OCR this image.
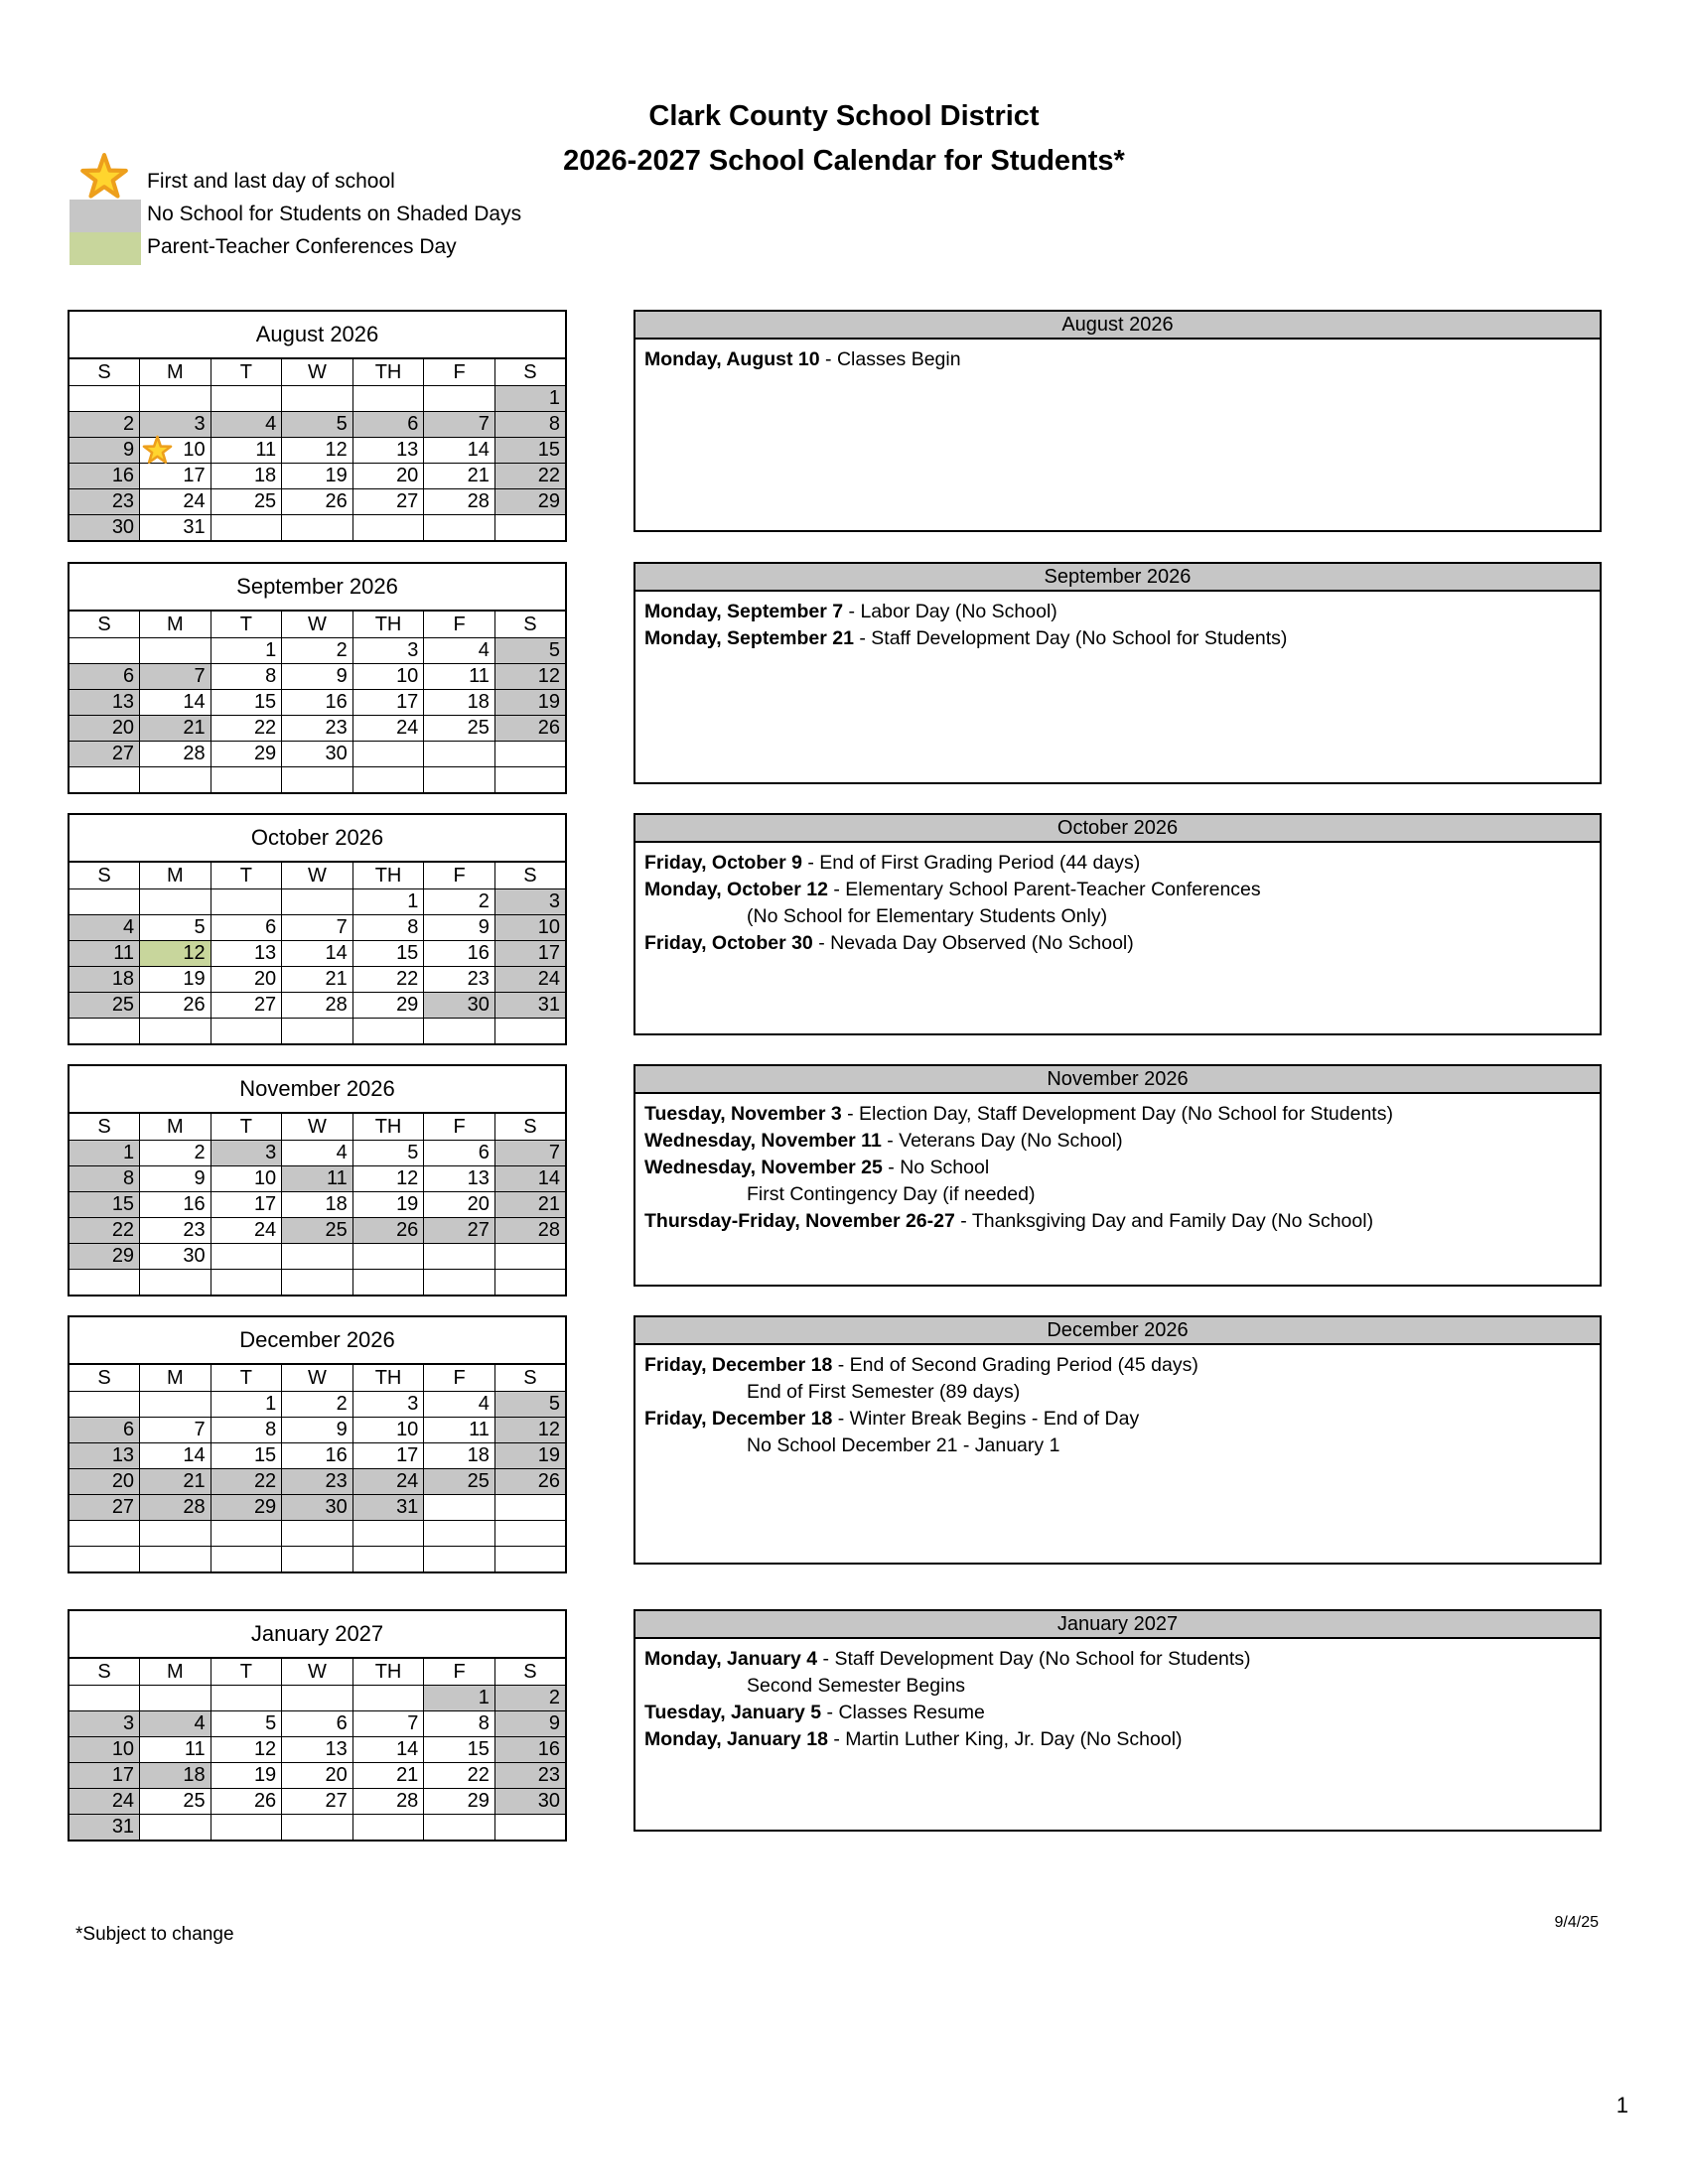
Clark County School District
2026-2027 School Calendar for Students*
First and last day of school
No School for Students on Shaded Days
Parent-Teacher Conferences Day
August 2026						
S	M	T	W	TH	F	S
						1
2	3	4	5	6	7	8
9	10	11	12	13	14	15
16	17	18	19	20	21	22
23	24	25	26	27	28	29
30	31					
August 2026
Monday, August 10 - Classes Begin
September 2026						
S	M	T	W	TH	F	S
		1	2	3	4	5
6	7	8	9	10	11	12
13	14	15	16	17	18	19
20	21	22	23	24	25	26
27	28	29	30			

September 2026
Monday, September 7 - Labor Day (No School)
Monday, September 21 - Staff Development Day (No School for Students)
October 2026						
S	M	T	W	TH	F	S
				1	2	3
4	5	6	7	8	9	10
11	12	13	14	15	16	17
18	19	20	21	22	23	24
25	26	27	28	29	30	31

October 2026
Friday, October 9 - End of First Grading Period (44 days)
Monday, October 12 - Elementary School Parent-Teacher Conferences
(No School for Elementary Students Only)
Friday, October 30 - Nevada Day Observed (No School)
November 2026						
S	M	T	W	TH	F	S
1	2	3	4	5	6	7
8	9	10	11	12	13	14
15	16	17	18	19	20	21
22	23	24	25	26	27	28
29	30					

November 2026
Tuesday, November 3 - Election Day, Staff Development Day (No School for Students)
Wednesday, November 11 - Veterans Day (No School)
Wednesday, November 25 - No School
First Contingency Day (if needed)
Thursday-Friday, November 26-27 - Thanksgiving Day and Family Day (No School)
December 2026						
S	M	T	W	TH	F	S
		1	2	3	4	5
6	7	8	9	10	11	12
13	14	15	16	17	18	19
20	21	22	23	24	25	26
27	28	29	30	31		

December 2026
Friday, December 18 - End of Second Grading Period (45 days)
End of First Semester (89 days)
Friday, December 18 - Winter Break Begins - End of Day
No School December 21 - January 1
January 2027						
S	M	T	W	TH	F	S
					1	2
3	4	5	6	7	8	9
10	11	12	13	14	15	16
17	18	19	20	21	22	23
24	25	26	27	28	29	30
31						
January 2027
Monday, January 4 - Staff Development Day (No School for Students)
Second Semester Begins
Tuesday, January 5 - Classes Resume
Monday, January 18 - Martin Luther King, Jr. Day (No School)
*Subject to change
9/4/25
1
